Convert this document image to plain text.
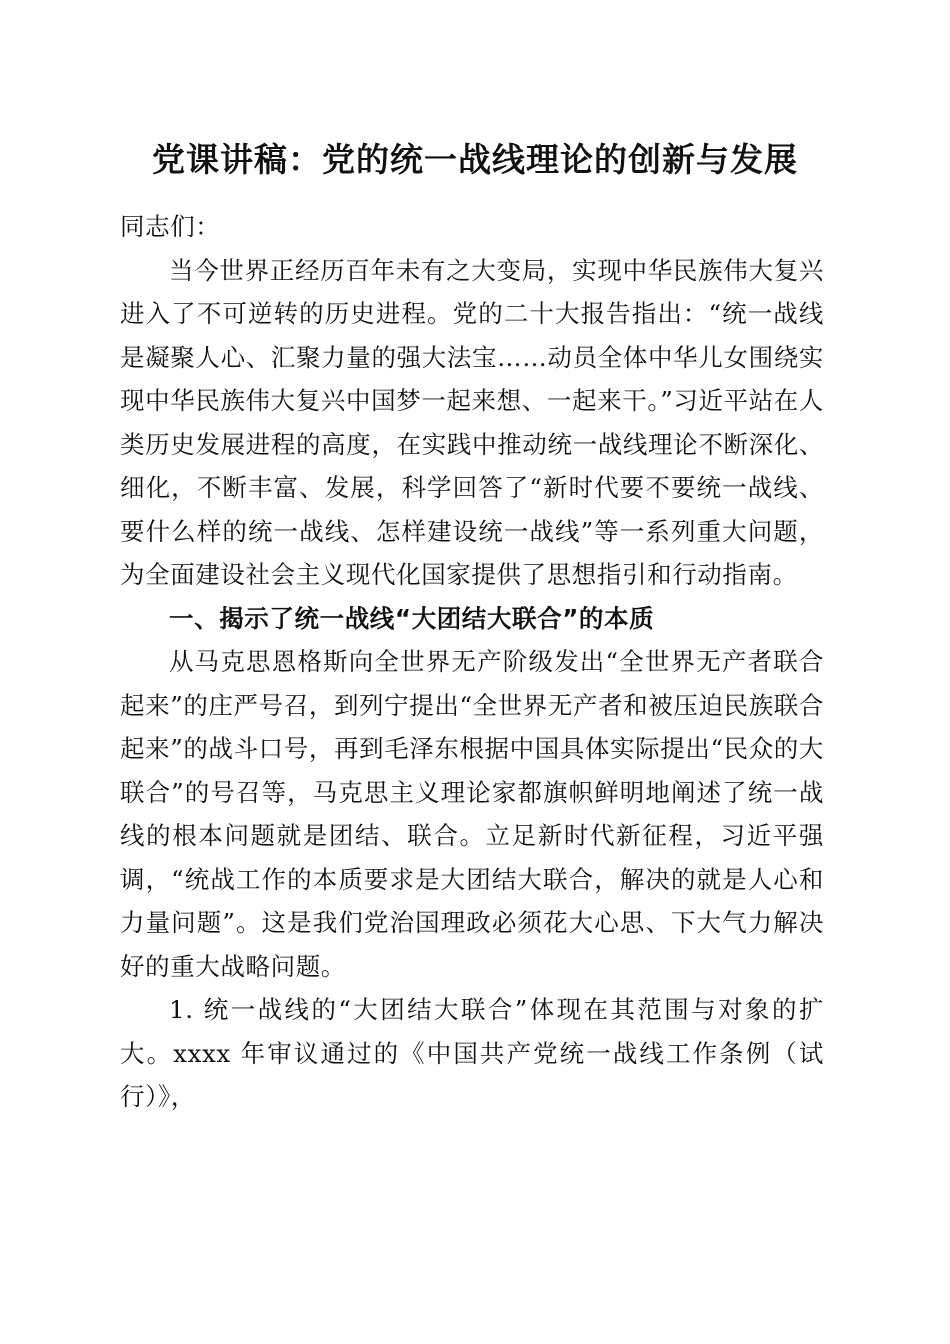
党课讲稿：党的统一战线理论的创新与发展

同志们：

当今世界正经历百年未有之大变局，实现中华民族伟大复兴进入了不可逆转的历史进程。党的二十大报告指出：“统一战线是凝聚人心、汇聚力量的强大法宝……动员全体中华儿女围绕实现中华民族伟大复兴中国梦一起来想、一起来干。”习近平站在人类历史发展进程的高度，在实践中推动统一战线理论不断深化、细化，不断丰富、发展，科学回答了“新时代要不要统一战线、要什么样的统一战线、怎样建设统一战线”等一系列重大问题，为全面建设社会主义现代化国家提供了思想指引和行动指南。

一、揭示了统一战线“大团结大联合”的本质

从马克思恩格斯向全世界无产阶级发出“全世界无产者联合起来”的庄严号召，到列宁提出“全世界无产者和被压迫民族联合起来”的战斗口号，再到毛泽东根据中国具体实际提出“民众的大联合”的号召等，马克思主义理论家都旗帜鲜明地阐述了统一战线的根本问题就是团结、联合。立足新时代新征程，习近平强调，“统战工作的本质要求是大团结大联合，解决的就是人心和力量问题”。这是我们党治国理政必须花大心思、下大气力解决好的重大战略问题。

1. 统一战线的“大团结大联合”体现在其范围与对象的扩大。xxxx 年审议通过的《中国共产党统一战线工作条例（试行）》，
